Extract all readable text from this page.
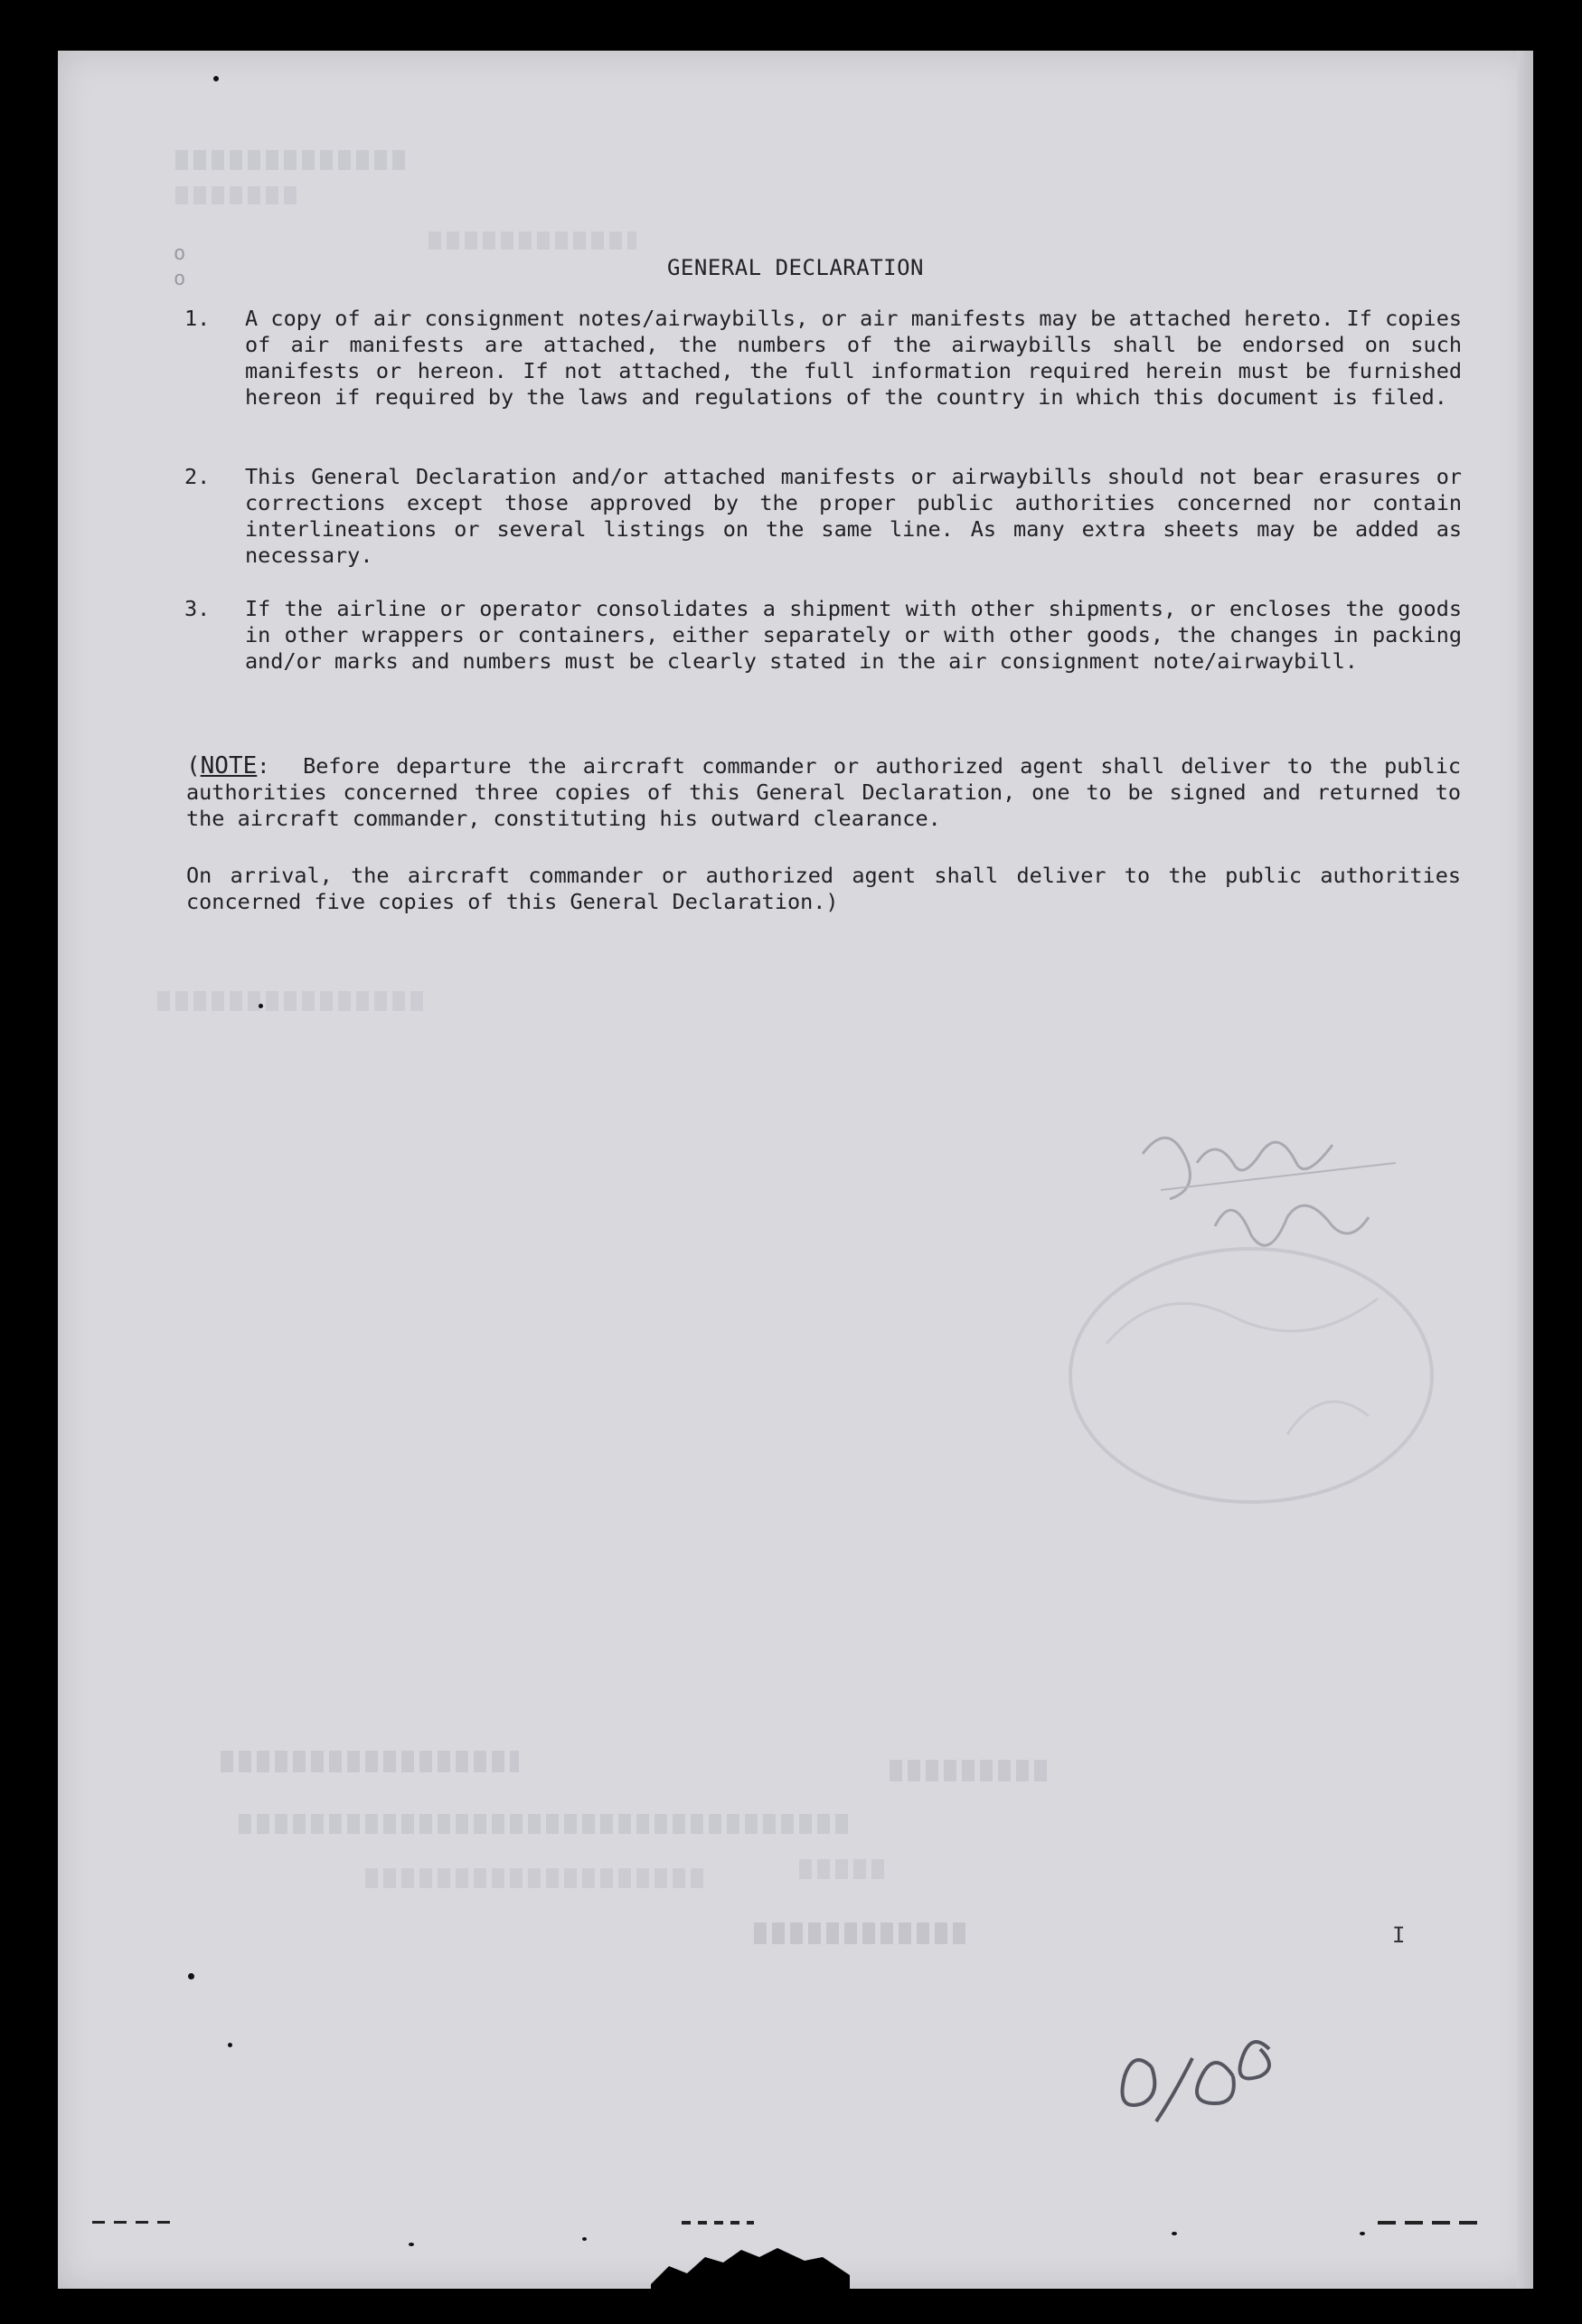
o
o	GENERAL DECLARATION
1. A copy of air consignment notes/airwaybills, or air manifests may be attached hereto. If copies of air manifests are attached, the numbers of the airwaybills shall be endorsed on such manifests or hereon. If not attached, the full information required herein must be furnished hereon if required by the laws and regulations of the country in which this document is filed.
2. This General Declaration and/or attached manifests or airwaybills should not bear erasures or corrections except those approved by the proper public authorities concerned nor contain interlineations or several listings on the same line. As many extra sheets may be added as necessary.
3. If the airline or operator consolidates a shipment with other shipments, or encloses the goods in other wrappers or containers, either separately or with other goods, the changes in packing and/or marks and numbers must be clearly stated in the air consignment note/airwaybill.
(NOTE: Before departure the aircraft commander or authorized agent shall deliver to the public authorities concerned three copies of this General Declaration, one to be signed and returned to the aircraft commander, constituting his outward clearance.
On arrival, the aircraft commander or authorized agent shall deliver to the public authorities concerned five copies of this General Declaration.)
I
